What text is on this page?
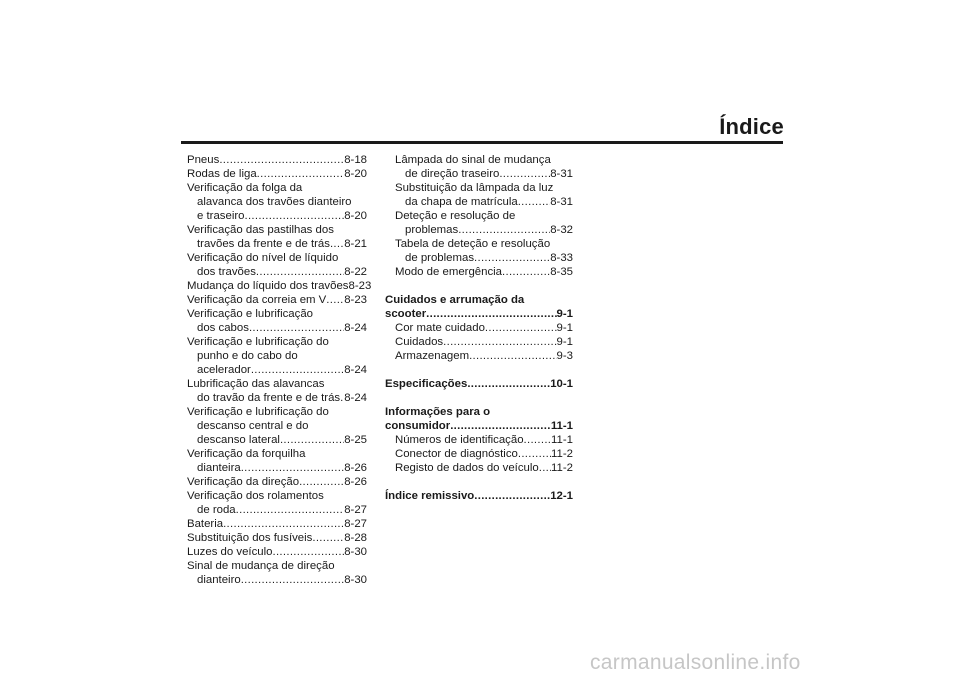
Índice
Pneus .....	8-18
Rodas de liga .....	8-20
Verificação da folga da
alavanca dos travões dianteiro
e traseiro .....	8-20
Verificação das pastilhas dos
travões da frente e de trás ..... 8-21
Verificação do nível de líquido
dos travões .....	8-22
Mudança do líquido dos travões 8-23
Verificação da correia em V ..... 8-23
Verificação e lubrificação
dos cabos .....	8-24
Verificação e lubrificação do
punho e do cabo do
acelerador .....	8-24
Lubrificação das alavancas
do travão da frente e de trás ..... 8-24
Verificação e lubrificação do
descanso central e do
descanso lateral .....	8-25
Verificação da forquilha
dianteira .....	8-26
Verificação da direção .....	8-26
Verificação dos rolamentos
de roda .....	8-27
Bateria .....	8-27
Substituição dos fusíveis .....	8-28
Luzes do veículo .....	8-30
Sinal de mudança de direção
dianteiro .....	8-30
Lâmpada do sinal de mudança
de direção traseiro .....	8-31
Substituição da lâmpada da luz
da chapa de matrícula .....	8-31
Deteção e resolução de
problemas .....	8-32
Tabela de deteção e resolução
de problemas .....	8-33
Modo de emergência .....	8-35
Cuidados e arrumação da
scooter .....	9-1
Cor mate cuidado .....	9-1
Cuidados .....	9-1
Armazenagem .....	9-3
Especificações .....	10-1
Informações para o
consumidor .....	11-1
Números de identificação ..... 11-1
Conector de diagnóstico .....	11-2
Registo de dados do veículo ..... 11-2
Índice remissivo .....	12-1
carmanualsonline.info
